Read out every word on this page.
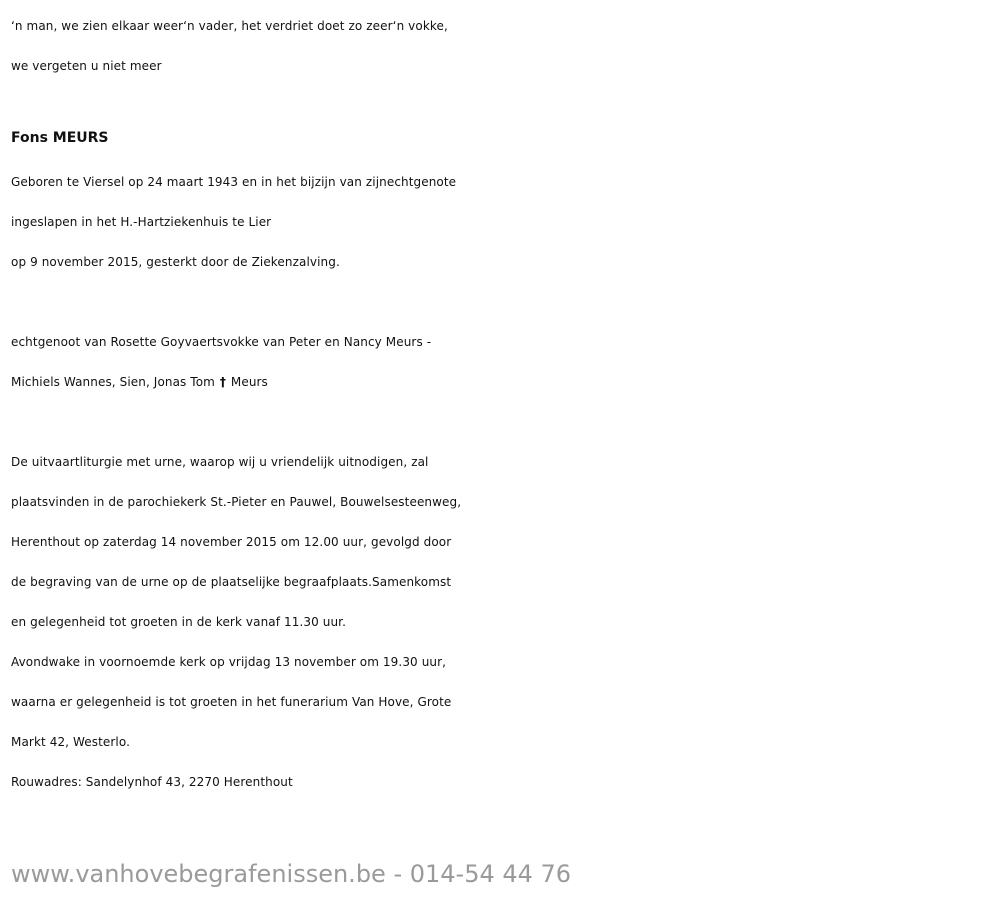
‘n man, we zien elkaar weer‘n vader, het verdriet doet zo zeer‘n vokke,
we vergeten u niet meer
Fons MEURS
Geboren te Viersel op 24 maart 1943 en in het bijzijn van zijnechtgenote
ingeslapen in het H.-Hartziekenhuis te Lier
op 9 november 2015, gesterkt door de Ziekenzalving.
echtgenoot van Rosette Goyvaertsvokke van Peter en Nancy Meurs -
Michiels Wannes, Sien, Jonas Tom † Meurs
De uitvaartliturgie met urne, waarop wij u vriendelijk uitnodigen, zal
plaatsvinden in de parochiekerk St.-Pieter en Pauwel, Bouwelsesteenweg,
Herenthout op zaterdag 14 november 2015 om 12.00 uur, gevolgd door
de begraving van de urne op de plaatselijke begraafplaats.Samenkomst
en gelegenheid tot groeten in de kerk vanaf 11.30 uur.
Avondwake in voornoemde kerk op vrijdag 13 november om 19.30 uur,
waarna er gelegenheid is tot groeten in het funerarium Van Hove, Grote
Markt 42, Westerlo.
Rouwadres: Sandelynhof 43, 2270 Herenthout
www.vanhovebegrafenissen.be - 014-54 44 76
